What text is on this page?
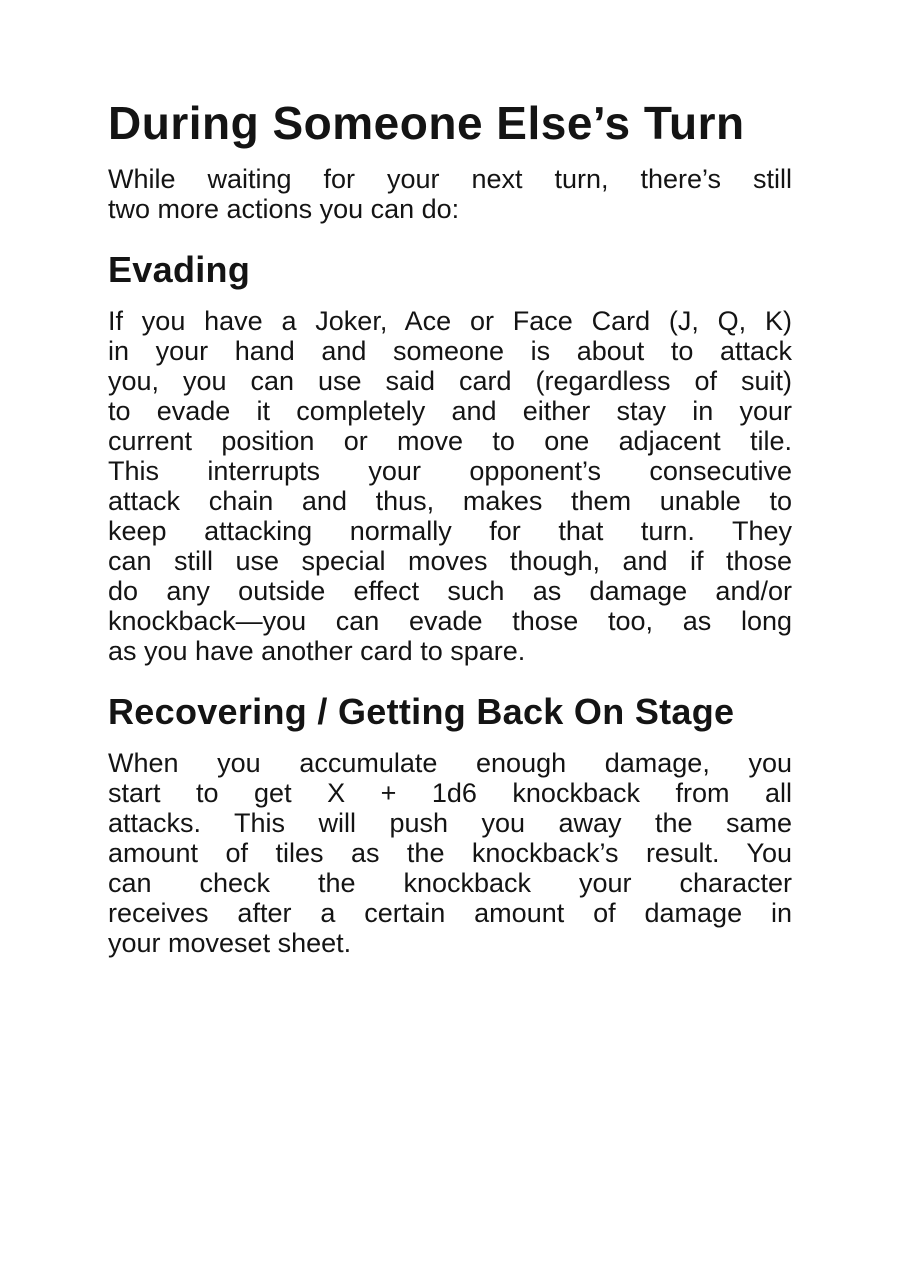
During Someone Else’s Turn
While waiting for your next turn, there’s still
two more actions you can do:
Evading
If you have a Joker, Ace or Face Card (J, Q, K)
in your hand and someone is about to attack
you, you can use said card (regardless of suit)
to evade it completely and either stay in your
current position or move to one adjacent tile.
This interrupts your opponent’s consecutive
attack chain and thus, makes them unable to
keep attacking normally for that turn. They
can still use special moves though, and if those
do any outside effect such as damage and/or
knockback—you can evade those too, as long
as you have another card to spare.
Recovering / Getting Back On Stage
When you accumulate enough damage, you
start to get X + 1d6 knockback from all
attacks. This will push you away the same
amount of tiles as the knockback’s result. You
can check the knockback your character
receives after a certain amount of damage in
your moveset sheet.
